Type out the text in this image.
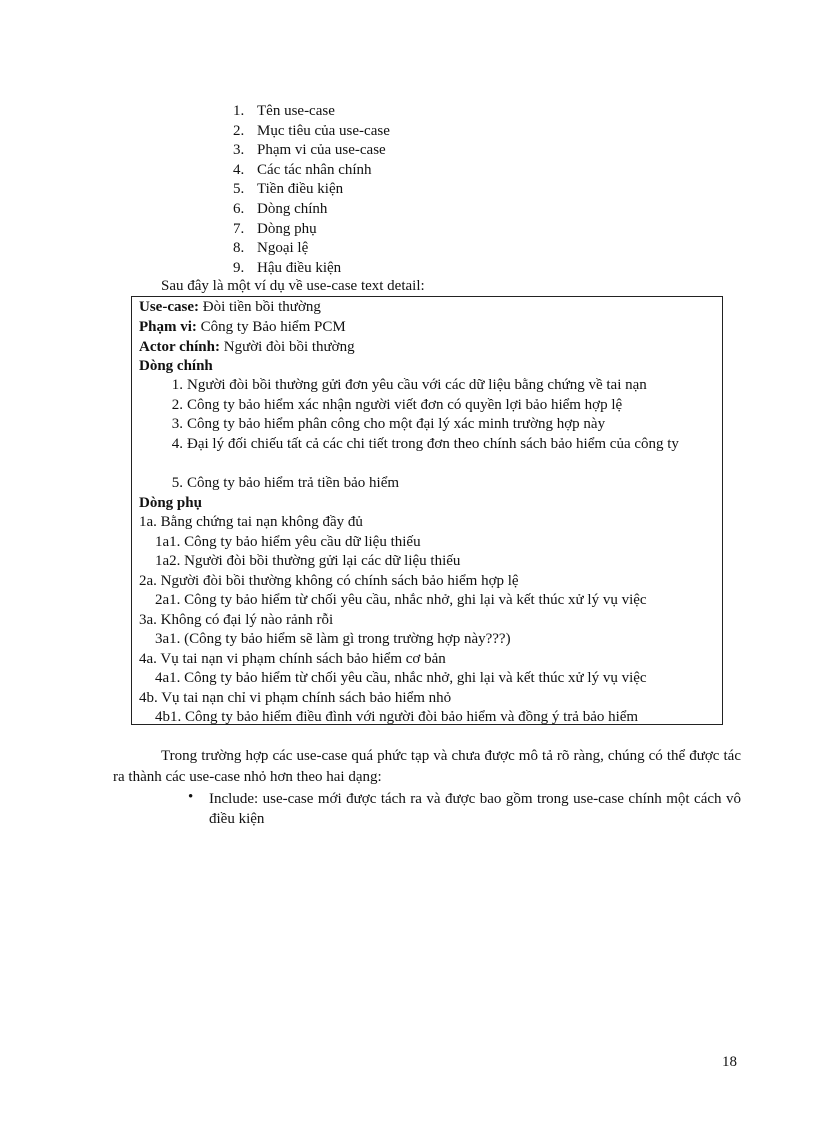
1. Tên use-case
2. Mục tiêu của use-case
3. Phạm vi của use-case
4. Các tác nhân chính
5. Tiền điều kiện
6. Dòng chính
7. Dòng phụ
8. Ngoại lệ
9. Hậu điều kiện
Sau đây là một ví dụ về use-case text detail:
Use-case: Đòi tiền bồi thường
Phạm vi: Công ty Bảo hiểm PCM
Actor chính: Người đòi bồi thường
Dòng chính
1. Người đòi bồi thường gửi đơn yêu cầu với các dữ liệu bằng chứng về tai nạn
2. Công ty bảo hiểm xác nhận người viết đơn có quyền lợi bảo hiểm hợp lệ
3. Công ty bảo hiểm phân công cho một đại lý xác minh trường hợp này
4. Đại lý đối chiếu tất cả các chi tiết trong đơn theo chính sách bảo hiểm của công ty
5. Công ty bảo hiểm trả tiền bảo hiểm
Dòng phụ
1a. Bằng chứng tai nạn không đầy đủ
1a1. Công ty bảo hiểm yêu cầu dữ liệu thiếu
1a2. Người đòi bồi thường gửi lại các dữ liệu thiếu
2a. Người đòi bồi thường không có chính sách bảo hiểm hợp lệ
2a1. Công ty bảo hiểm từ chối yêu cầu, nhắc nhở, ghi lại và kết thúc xử lý vụ việc
3a. Không có đại lý nào rảnh rỗi
3a1. (Công ty bảo hiểm sẽ làm gì trong trường hợp này???)
4a. Vụ tai nạn vi phạm chính sách bảo hiểm cơ bản
4a1. Công ty bảo hiểm từ chối yêu cầu, nhắc nhở, ghi lại và kết thúc xử lý vụ việc
4b. Vụ tai nạn chỉ vi phạm chính sách bảo hiểm nhỏ
4b1. Công ty bảo hiểm điều đình với người đòi bảo hiểm và đồng ý trả bảo hiểm
Trong trường hợp các use-case quá phức tạp và chưa được mô tả rõ ràng, chúng có thể được tác ra thành các use-case nhỏ hơn theo hai dạng:
• Include: use-case mới được tách ra và được bao gồm trong use-case chính một cách vô điều kiện
18
